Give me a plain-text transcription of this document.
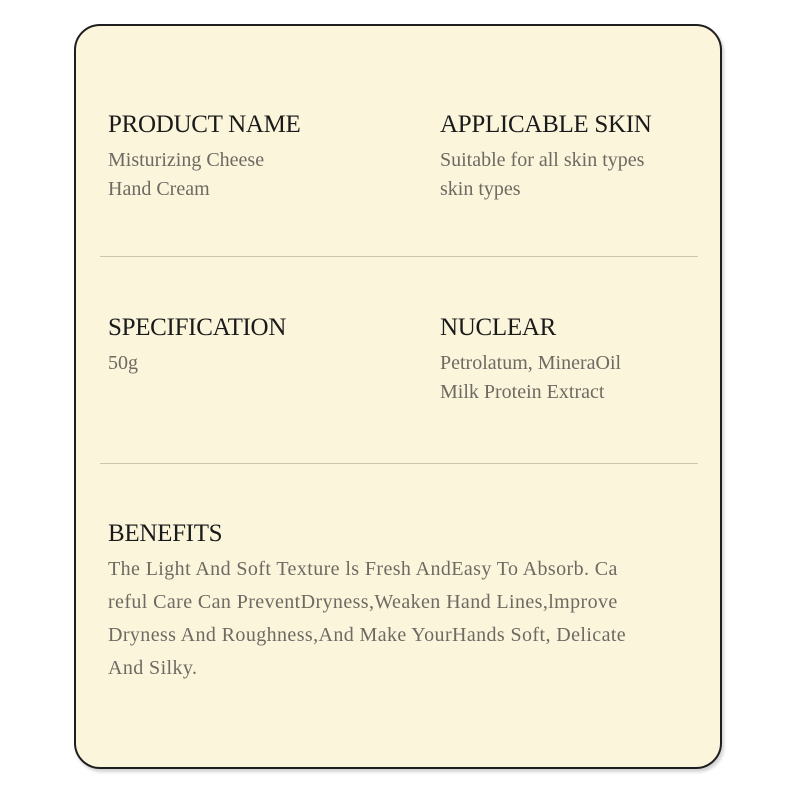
PRODUCT NAME
Misturizing Cheese
Hand Cream
APPLICABLE SKIN
Suitable for all skin types
skin types
SPECIFICATION
50g
NUCLEAR
Petrolatum, MineraOil
Milk Protein Extract
BENEFITS
The Light And Soft Texture ls Fresh AndEasy To Absorb. Ca
reful Care Can PreventDryness,Weaken Hand Lines,lmprove
Dryness And Roughness,And Make YourHands Soft, Delicate
And Silky.
